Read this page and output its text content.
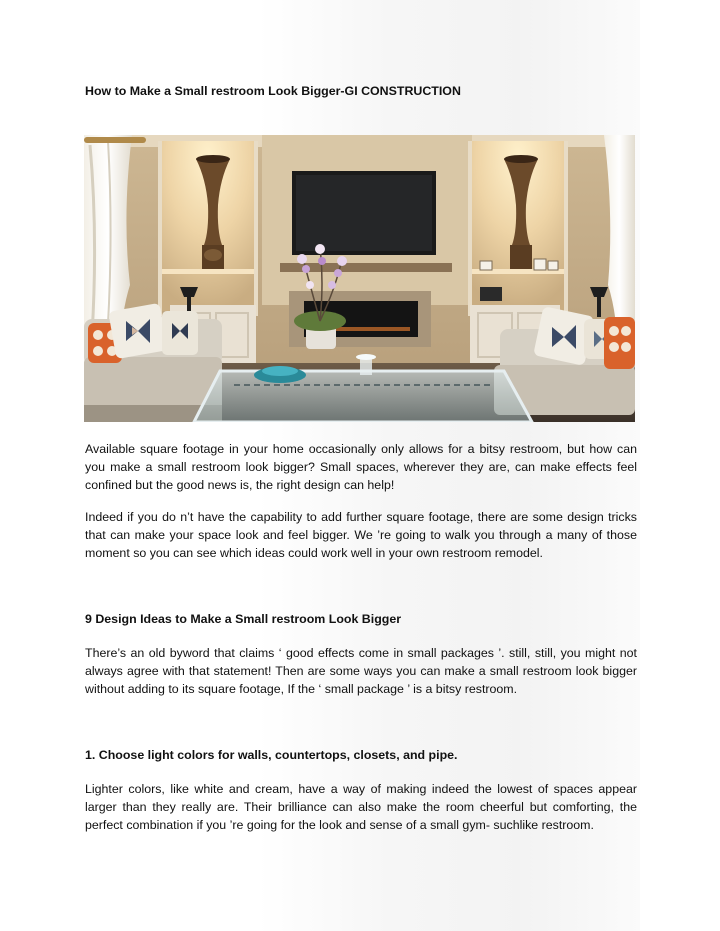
How to Make a Small restroom Look Bigger-GI CONSTRUCTION

Available square footage in your home occasionally only allows for a bitsy restroom, but how can you make a small restroom look bigger? Small spaces, wherever they are, can make effects feel confined but the good news is, the right design can help!

Indeed if you do n’t have the capability to add further square footage, there are some design tricks that can make your space look and feel bigger. We ’re going to walk you through a many of those moment so you can see which ideas could work well in your own restroom remodel.

9 Design Ideas to Make a Small restroom Look Bigger

There’s an old byword that claims ‘ good effects come in small packages ’. still, still, you might not always agree with that statement! Then are some ways you can make a small restroom look bigger without adding to its square footage, If the ‘ small package ’ is a bitsy restroom.

1. Choose light colors for walls, countertops, closets, and pipe.

Lighter colors, like white and cream, have a way of making indeed the lowest of spaces appear larger than they really are. Their brilliance can also make the room cheerful but comforting, the perfect combination if you ’re going for the look and sense of a small gym- suchlike restroom.
